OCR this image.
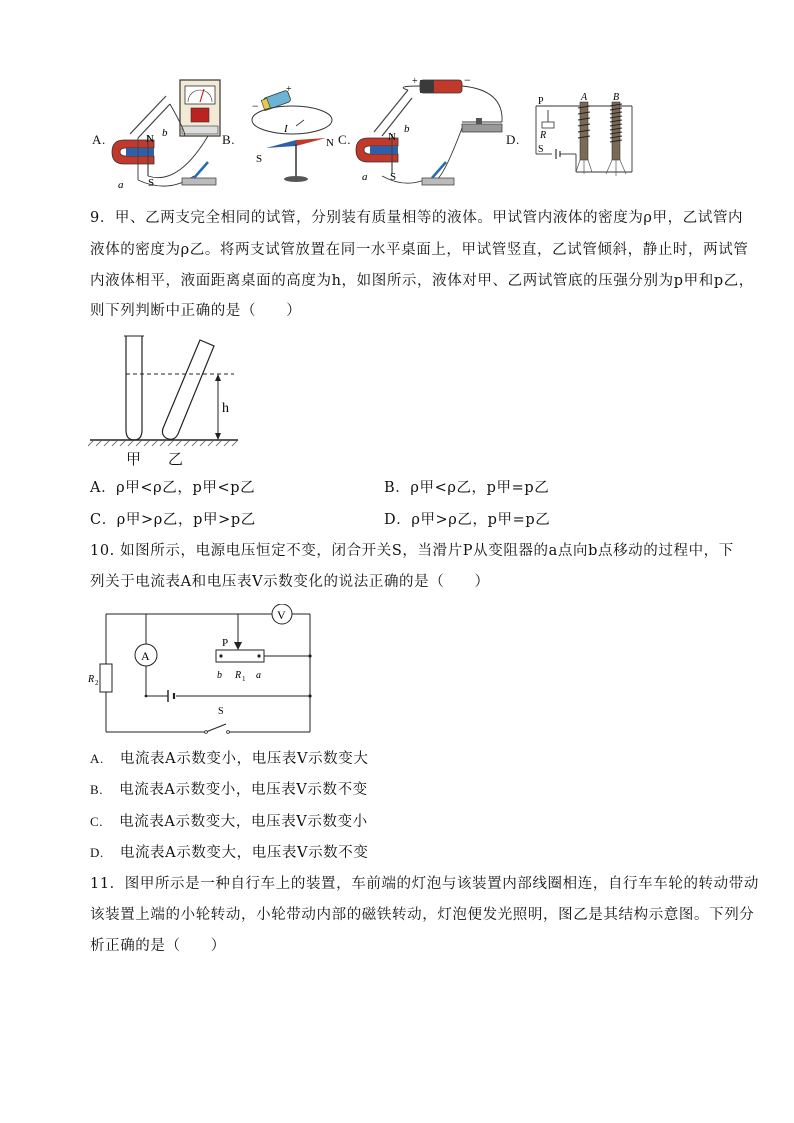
A.	N b
S
a
B.
+
−
I
S
N C.
+	−
N
b
S
a
D.
P
R
S
A	B
9．甲、乙两支完全相同的试管，分别装有质量相等的液体。甲试管内液体的密度为ρ甲，乙试管内
液体的密度为ρ乙。将两支试管放置在同一水平桌面上，甲试管竖直，乙试管倾斜，静止时，两试管
内液体相平，液面距离桌面的高度为h，如图所示，液体对甲、乙两试管底的压强分别为p甲和p乙，
则下列判断中正确的是（　　）
h
甲 乙
A．ρ甲<ρ乙，p甲<p乙	B．ρ甲<ρ乙，p甲=p乙
C．ρ甲>ρ乙，p甲>p乙	D．ρ甲>ρ乙，p甲=p乙
10. 如图所示，电源电压恒定不变，闭合开关S，当滑片P从变阻器的a点向b点移动的过程中，下
列关于电流表A和电压表V示数变化的说法正确的是（　　）
A
V
P
R 2
R 1
b	a
S
A. 电流表A示数变小，电压表V示数变大
B. 电流表A示数变小，电压表V示数不变
C. 电流表A示数变大，电压表V示数变小
D. 电流表A示数变大，电压表V示数不变
11．图甲所示是一种自行车上的装置，车前端的灯泡与该装置内部线圈相连，自行车车轮的转动带动
该装置上端的小轮转动，小轮带动内部的磁铁转动，灯泡便发光照明，图乙是其结构示意图。下列分
析正确的是（　　）
